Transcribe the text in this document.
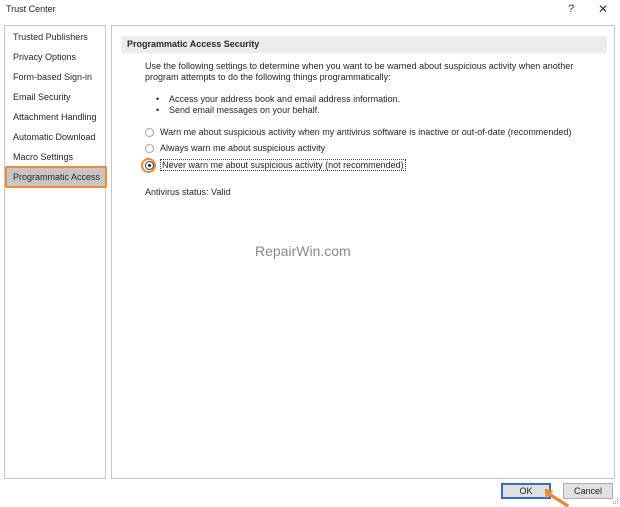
Trust Center	?	✕
Trusted Publishers
Privacy Options
Form-based Sign-in
Email Security
Attachment Handling
Automatic Download
Macro Settings
Programmatic Access
Programmatic Access Security
Use the following settings to determine when you want to be warned about suspicious activity when another program attempts to do the following things programmatically:
• Access your address book and email address information.
• Send email messages on your behalf.
Warn me about suspicious activity when my antivirus software is inactive or out-of-date (recommended)
Always warn me about suspicious activity
Never warn me about suspicious activity (not recommended)
Antivirus status: Valid
RepairWin.com
OK	Cancel
